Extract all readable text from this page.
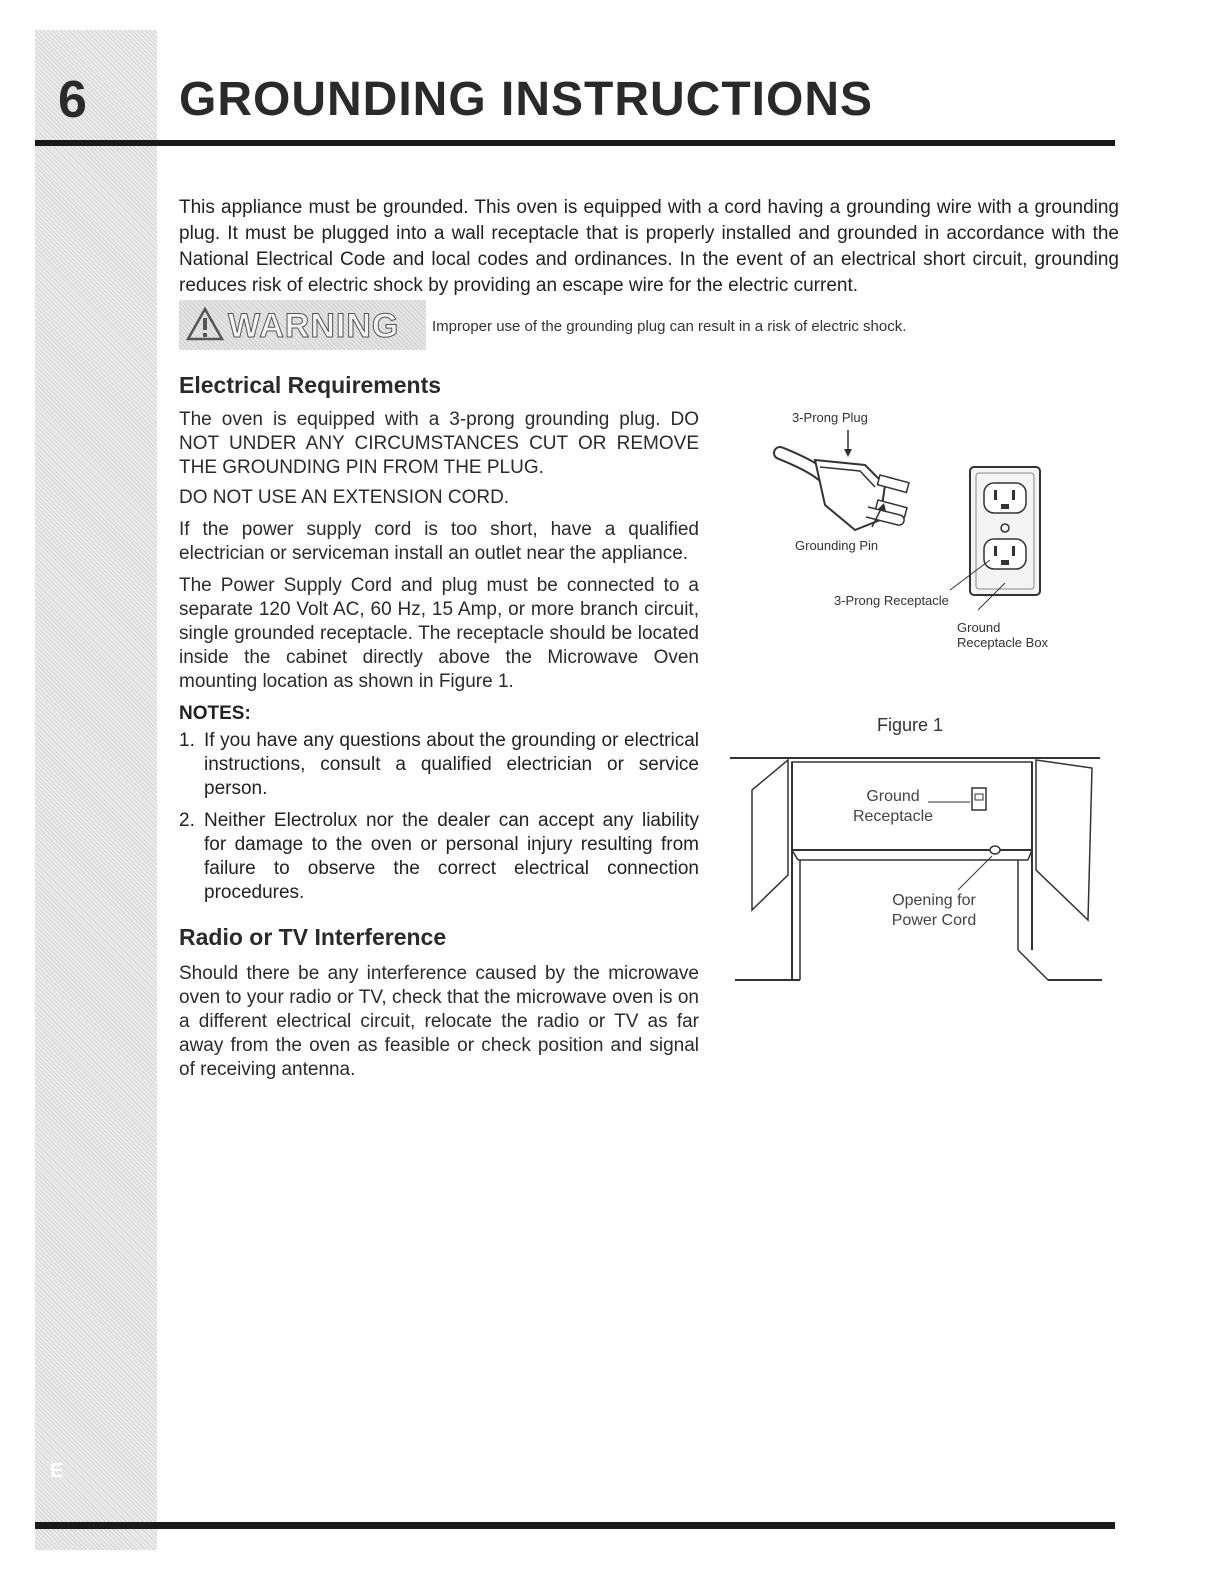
6
E
GROUNDING INSTRUCTIONS

This appliance must be grounded. This oven is equipped with a cord having a grounding wire with a grounding plug. It must be plugged into a wall receptacle that is properly installed and grounded in accordance with the National Electrical Code and local codes and ordinances. In the event of an electrical short circuit, grounding reduces risk of electric shock by providing an escape wire for the electric current.

WARNING Improper use of the grounding plug can result in a risk of electric shock.
Electrical Requirements

The oven is equipped with a 3-prong grounding plug. DO NOT UNDER ANY CIRCUMSTANCES CUT OR REMOVE THE GROUNDING PIN FROM THE PLUG.

DO NOT USE AN EXTENSION CORD.

If the power supply cord is too short, have a qualified electrician or serviceman install an outlet near the appliance.

The Power Supply Cord and plug must be connected to a separate 120 Volt AC, 60 Hz, 15 Amp, or more branch circuit, single grounded receptacle. The receptacle should be located inside the cabinet directly above the Microwave Oven mounting location as shown in Figure 1.

NOTES:
1. If you have any questions about the grounding or electrical instructions, consult a qualified electrician or service person.
2. Neither Electrolux nor the dealer can accept any liability for damage to the oven or personal injury resulting from failure to observe the correct electrical connection procedures.
Radio or TV Interference

Should there be any interference caused by the microwave oven to your radio or TV, check that the microwave oven is on a different electrical circuit, relocate the radio or TV as far away from the oven as feasible or check position and signal of receiving antenna.

3-Prong Plug
Grounding Pin
3-Prong Receptacle
Ground
Receptacle Box
Figure 1
Ground
Receptacle
Opening for
Power Cord
